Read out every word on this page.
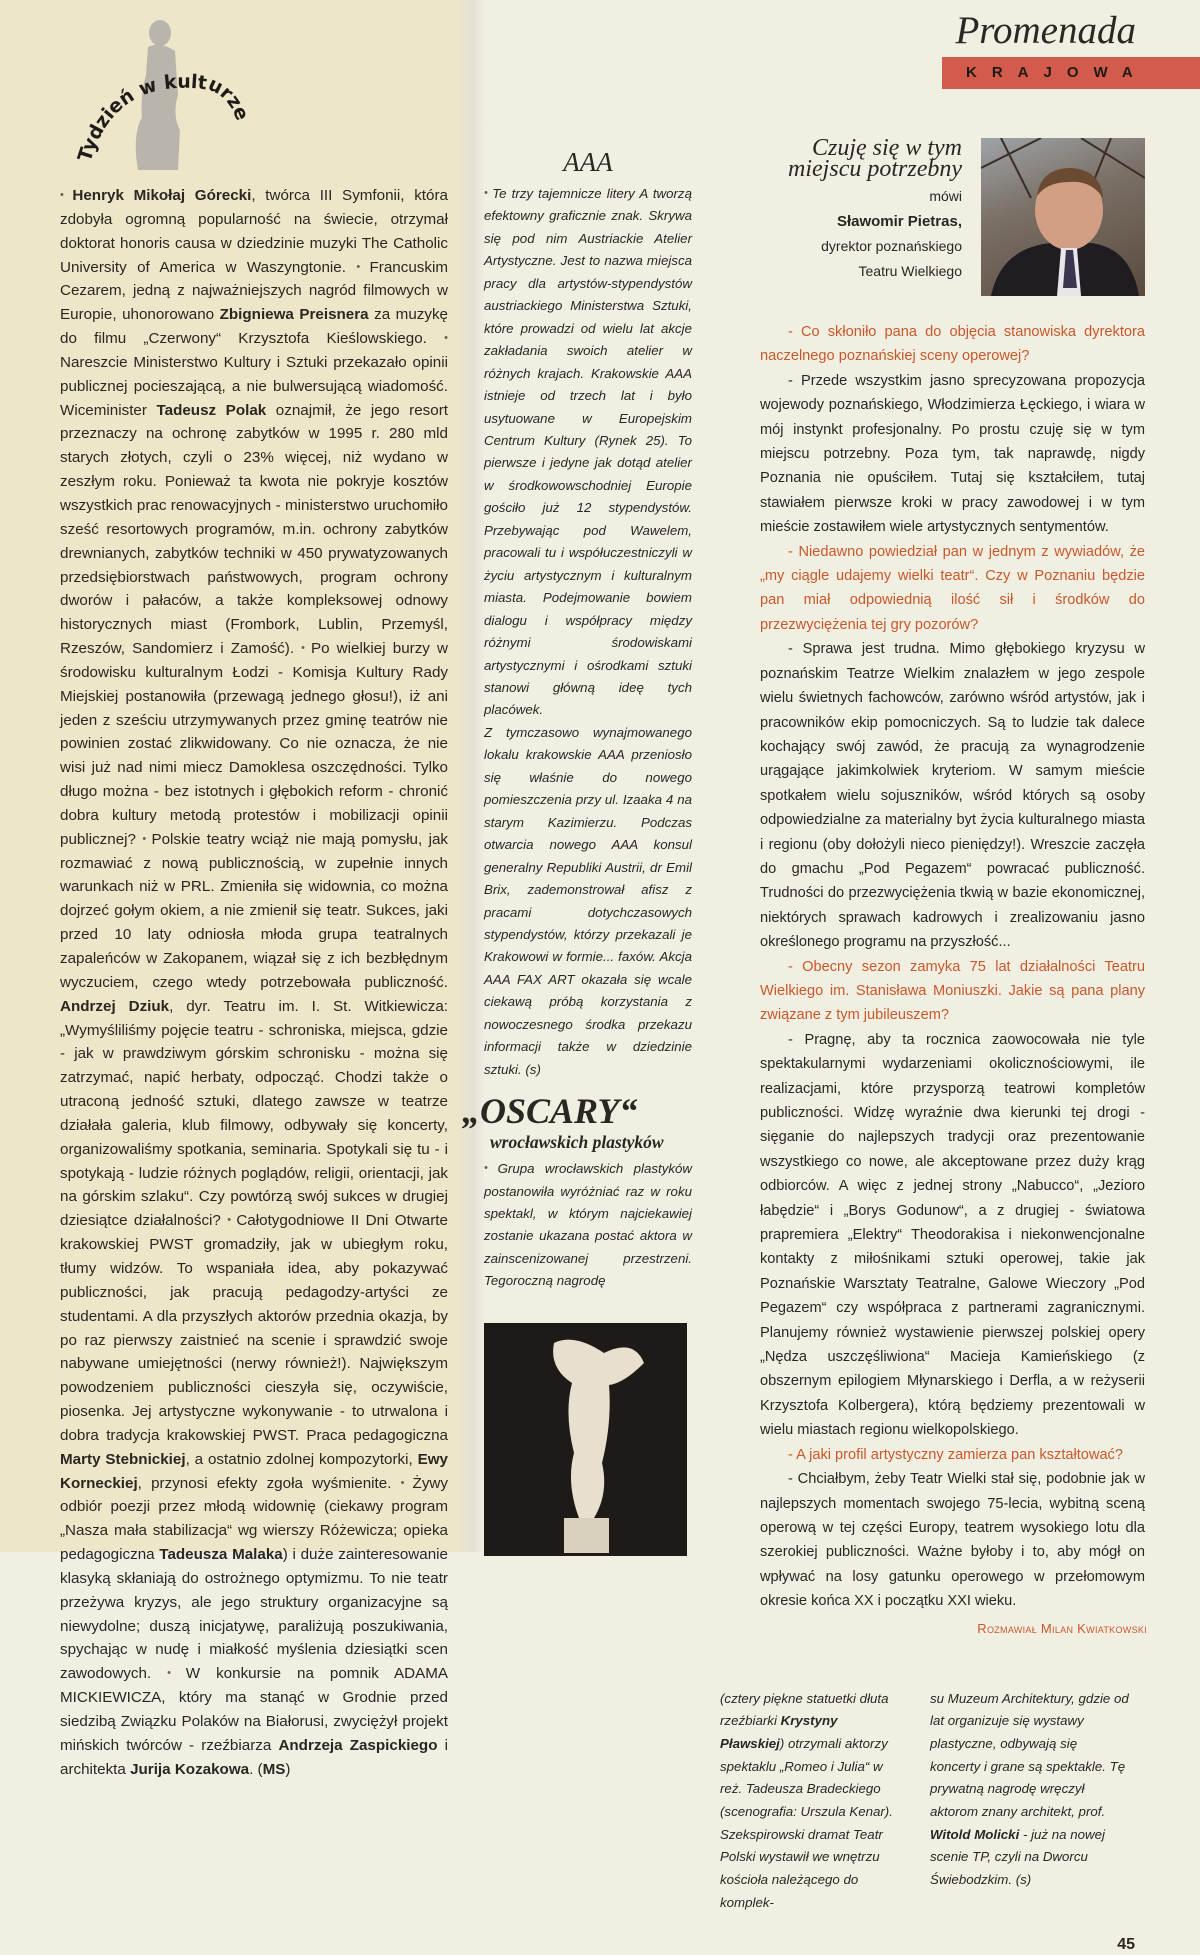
Tydzień w kulturze

• Henryk Mikołaj Górecki, twórca III Symfonii, która zdobyła ogromną popularność na świecie, otrzymał doktorat honoris causa w dziedzinie muzyki The Catholic University of America w Waszyngtonie. • Francuskim Cezarem, jedną z najważniejszych nagród filmowych w Europie, uhonorowano Zbigniewa Preisnera za muzykę do filmu „Czerwony“ Krzysztofa Kieślowskiego. • Nareszcie Ministerstwo Kultury i Sztuki przekazało opinii publicznej pocieszającą, a nie bulwersującą wiadomość. Wiceminister Tadeusz Polak oznajmił, że jego resort przeznaczy na ochronę zabytków w 1995 r. 280 mld starych złotych, czyli o 23% więcej, niż wydano w zeszłym roku. Ponieważ ta kwota nie pokryje kosztów wszystkich prac renowacyjnych - ministerstwo uruchomiło sześć resortowych programów, m.in. ochrony zabytków drewnianych, zabytków techniki w 450 prywatyzowanych przedsiębiorstwach państwowych, program ochrony dworów i pałaców, a także kompleksowej odnowy historycznych miast (Frombork, Lublin, Przemyśl, Rzeszów, Sandomierz i Zamość). • Po wielkiej burzy w środowisku kulturalnym Łodzi - Komisja Kultury Rady Miejskiej postanowiła (przewagą jednego głosu!), iż ani jeden z sześciu utrzymywanych przez gminę teatrów nie powinien zostać zlikwidowany. Co nie oznacza, że nie wisi już nad nimi miecz Damoklesa oszczędności. Tylko długo można - bez istotnych i głębokich reform - chronić dobra kultury metodą protestów i mobilizacji opinii publicznej? • Polskie teatry wciąż nie mają pomysłu, jak rozmawiać z nową publicznością, w zupełnie innych warunkach niż w PRL. Zmieniła się widownia, co można dojrzeć gołym okiem, a nie zmienił się teatr. Sukces, jaki przed 10 laty odniosła młoda grupa teatralnych zapaleńców w Zakopanem, wiązał się z ich bezbłędnym wyczuciem, czego wtedy potrzebowała publiczność. Andrzej Dziuk, dyr. Teatru im. I. St. Witkiewicza: „Wymyśliliśmy pojęcie teatru - schroniska, miejsca, gdzie - jak w prawdziwym górskim schronisku - można się zatrzymać, napić herbaty, odpocząć. Chodzi także o utraconą jedność sztuki, dlatego zawsze w teatrze działała galeria, klub filmowy, odbywały się koncerty, organizowaliśmy spotkania, seminaria. Spotykali się tu - i spotykają - ludzie różnych poglądów, religii, orientacji, jak na górskim szlaku“. Czy powtórzą swój sukces w drugiej dziesiątce działalności? • Całotygodniowe II Dni Otwarte krakowskiej PWST gromadziły, jak w ubiegłym roku, tłumy widzów. To wspaniała idea, aby pokazywać publiczności, jak pracują pedagodzy-artyści ze studentami. A dla przyszłych aktorów przednia okazja, by po raz pierwszy zaistnieć na scenie i sprawdzić swoje nabywane umiejętności (nerwy również!). Największym powodzeniem publiczności cieszyła się, oczywiście, piosenka. Jej artystyczne wykonywanie - to utrwalona i dobra tradycja krakowskiej PWST. Praca pedagogiczna Marty Stebnickiej, a ostatnio zdolnej kompozytorki, Ewy Korneckiej, przynosi efekty zgoła wyśmienite. • Żywy odbiór poezji przez młodą widownię (ciekawy program „Nasza mała stabilizacja“ wg wierszy Różewicza; opieka pedagogiczna Tadeusza Malaka) i duże zainteresowanie klasyką skłaniają do ostrożnego optymizmu. To nie teatr przeżywa kryzys, ale jego struktury organizacyjne są niewydolne; duszą inicjatywę, paraliżują poszukiwania, spychając w nudę i miałkość myślenia dziesiątki scen zawodowych. • W konkursie na pomnik ADAMA MICKIEWICZA, który ma stanąć w Grodnie przed siedzibą Związku Polaków na Białorusi, zwyciężył projekt mińskich twórców - rzeźbiarza Andrzeja Zaspickiego i architekta Jurija Kozakowa. (MS)

AAA

• Te trzy tajemnicze litery A tworzą efektowny graficznie znak. Skrywa się pod nim Austriackie Atelier Artystyczne. Jest to nazwa miejsca pracy dla artystów-stypendystów austriackiego Ministerstwa Sztuki, które prowadzi od wielu lat akcje zakładania swoich atelier w różnych krajach. Krakowskie AAA istnieje od trzech lat i było usytuowane w Europejskim Centrum Kultury (Rynek 25). To pierwsze i jedyne jak dotąd atelier w środkowowschodniej Europie gościło już 12 stypendystów. Przebywając pod Wawelem, pracowali tu i współuczestniczyli w życiu artystycznym i kulturalnym miasta. Podejmowanie bowiem dialogu i współpracy między różnymi środowiskami artystycznymi i ośrodkami sztuki stanowi główną ideę tych placówek.

Z tymczasowo wynajmowanego lokalu krakowskie AAA przeniosło się właśnie do nowego pomieszczenia przy ul. Izaaka 4 na starym Kazimierzu. Podczas otwarcia nowego AAA konsul generalny Republiki Austrii, dr Emil Brix, zademonstrował afisz z pracami dotychczasowych stypendystów, którzy przekazali je Krakowowi w formie... faxów. Akcja AAA FAX ART okazała się wcale ciekawą próbą korzystania z nowoczesnego środka przekazu informacji także w dziedzinie sztuki. (s)

„OSCARY“
wrocławskich plastyków

• Grupa wrocławskich plastyków postanowiła wyróżniać raz w roku spektakl, w którym najciekawiej zostanie ukazana postać aktora w zainscenizowanej przestrzeni. Tegoroczną nagrodę

Promenada
KRAJOWA
Czuję się w tym miejscu potrzebny
mówi
Sławomir Pietras,
dyrektor poznańskiego
Teatru Wielkiego

- Co skłoniło pana do objęcia stanowiska dyrektora naczelnego poznańskiej sceny operowej?

- Przede wszystkim jasno sprecyzowana propozycja wojewody poznańskiego, Włodzimierza Łęckiego, i wiara w mój instynkt profesjonalny. Po prostu czuję się w tym miejscu potrzebny. Poza tym, tak naprawdę, nigdy Poznania nie opuściłem. Tutaj się kształciłem, tutaj stawiałem pierwsze kroki w pracy zawodowej i w tym mieście zostawiłem wiele artystycznych sentymentów.

- Niedawno powiedział pan w jednym z wywiadów, że „my ciągle udajemy wielki teatr“. Czy w Poznaniu będzie pan miał odpowiednią ilość sił i środków do przezwyciężenia tej gry pozorów?

- Sprawa jest trudna. Mimo głębokiego kryzysu w poznańskim Teatrze Wielkim znalazłem w jego zespole wielu świetnych fachowców, zarówno wśród artystów, jak i pracowników ekip pomocniczych. Są to ludzie tak dalece kochający swój zawód, że pracują za wynagrodzenie urągające jakimkolwiek kryteriom. W samym mieście spotkałem wielu sojuszników, wśród których są osoby odpowiedzialne za materialny byt życia kulturalnego miasta i regionu (oby dołożyli nieco pieniędzy!). Wreszcie zaczęła do gmachu „Pod Pegazem“ powracać publiczność. Trudności do przezwyciężenia tkwią w bazie ekonomicznej, niektórych sprawach kadrowych i zrealizowaniu jasno określonego programu na przyszłość...

- Obecny sezon zamyka 75 lat działalności Teatru Wielkiego im. Stanisława Moniuszki. Jakie są pana plany związane z tym jubileuszem?

- Pragnę, aby ta rocznica zaowocowała nie tyle spektakularnymi wydarzeniami okolicznościowymi, ile realizacjami, które przysporzą teatrowi kompletów publiczności. Widzę wyraźnie dwa kierunki tej drogi - sięganie do najlepszych tradycji oraz prezentowanie wszystkiego co nowe, ale akceptowane przez duży krąg odbiorców. A więc z jednej strony „Nabucco“, „Jezioro łabędzie“ i „Borys Godunow“, a z drugiej - światowa prapremiera „Elektry“ Theodorakisa i niekonwencjonalne kontakty z miłośnikami sztuki operowej, takie jak Poznańskie Warsztaty Teatralne, Galowe Wieczory „Pod Pegazem“ czy współpraca z partnerami zagranicznymi. Planujemy również wystawienie pierwszej polskiej opery „Nędza uszczęśliwiona“ Macieja Kamieńskiego (z obszernym epilogiem Młynarskiego i Derfla, a w reżyserii Krzysztofa Kolbergera), którą będziemy prezentowali w wielu miastach regionu wielkopolskiego.

- A jaki profil artystyczny zamierza pan kształtować?

- Chciałbym, żeby Teatr Wielki stał się, podobnie jak w najlepszych momentach swojego 75-lecia, wybitną sceną operową w tej części Europy, teatrem wysokiego lotu dla szerokiej publiczności. Ważne byłoby i to, aby mógł on wpływać na losy gatunku operowego w przełomowym okresie końca XX i początku XXI wieku.

Rozmawiał Milan Kwiatkowski

(cztery piękne statuetki dłuta rzeźbiarki Krystyny Pławskiej) otrzymali aktorzy spektaklu „Romeo i Julia“ w reż. Tadeusza Bradeckiego (scenografia: Urszula Kenar). Szekspirowski dramat Teatr Polski wystawił we wnętrzu kościoła należącego do komplek-

su Muzeum Architektury, gdzie od lat organizuje się wystawy plastyczne, odbywają się koncerty i grane są spektakle. Tę prywatną nagrodę wręczył aktorom znany architekt, prof. Witold Molicki - już na nowej scenie TP, czyli na Dworcu Świebodzkim. (s)

45
